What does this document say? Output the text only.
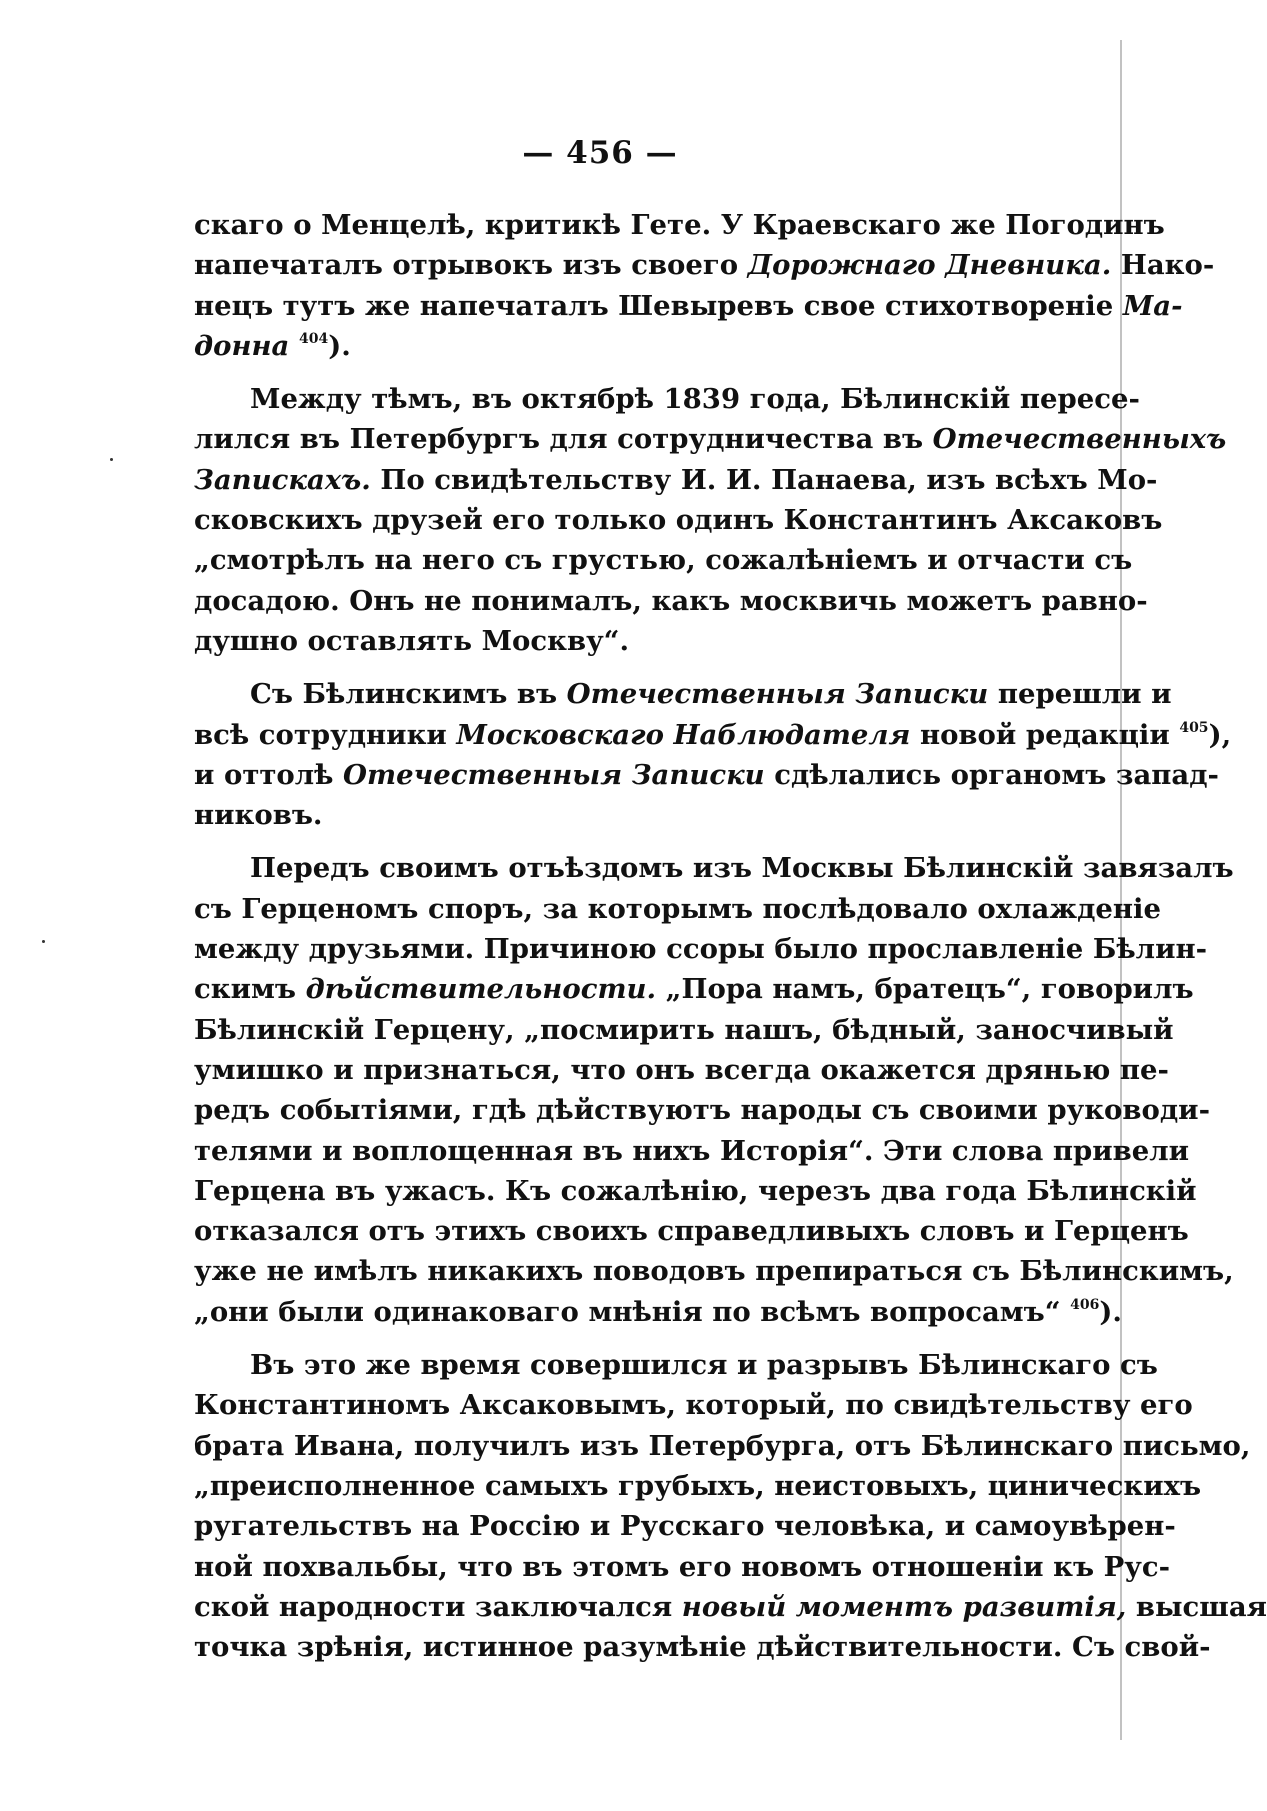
— 456 —
скаго о Менцелѣ, критикѣ Гете. У Краевскаго же Погодинъ
напечаталъ отрывокъ изъ своего Дорожнаго Дневника. Нако-
нецъ тутъ же напечаталъ Шевыревъ свое стихотвореніе Ма-
донна $^{404}$).
Между тѣмъ, въ октябрѣ 1839 года, Бѣлинскій пересе-
лился въ Петербургъ для сотрудничества въ Отечественныхъ
Запискахъ. По свидѣтельству И. И. Панаева, изъ всѣхъ Мо-
сковскихъ друзей его только одинъ Константинъ Аксаковъ
„смотрѣлъ на него съ грустью, сожалѣніемъ и отчасти съ
досадою. Онъ не понималъ, какъ москвичь можетъ равно-
душно оставлять Москву“.
Съ Бѣлинскимъ въ Отечественныя Записки перешли и
всѣ сотрудники Московскаго Наблюдателя новой редакціи $^{405}$),
и оттолѣ Отечественныя Записки сдѣлались органомъ запад-
никовъ.
Передъ своимъ отъѣздомъ изъ Москвы Бѣлинскій завязалъ
съ Герценомъ споръ, за которымъ послѣдовало охлажденіе
между друзьями. Причиною ссоры было прославленіе Бѣлин-
скимъ дѣйствительности. „Пора намъ, братецъ“, говорилъ
Бѣлинскій Герцену, „посмирить нашъ, бѣдный, заносчивый
умишко и признаться, что онъ всегда окажется дрянью пе-
редъ событіями, гдѣ дѣйствуютъ народы съ своими руководи-
телями и воплощенная въ нихъ Исторія“. Эти слова привели
Герцена въ ужасъ. Къ сожалѣнію, черезъ два года Бѣлинскій
отказался отъ этихъ своихъ справедливыхъ словъ и Герценъ
уже не имѣлъ никакихъ поводовъ препираться съ Бѣлинскимъ,
„они были одинаковаго мнѣнія по всѣмъ вопросамъ“ $^{406}$).
Въ это же время совершился и разрывъ Бѣлинскаго съ
Константиномъ Аксаковымъ, который, по свидѣтельству его
брата Ивана, получилъ изъ Петербурга, отъ Бѣлинскаго письмо,
„преисполненное самыхъ грубыхъ, неистовыхъ, циническихъ
ругательствъ на Россію и Русскаго человѣка, и самоувѣрен-
ной похвальбы, что въ этомъ его новомъ отношеніи къ Рус-
ской народности заключался новый моментъ развитія, высшая
точка зрѣнія, истинное разумѣніе дѣйствительности. Съ свой-
